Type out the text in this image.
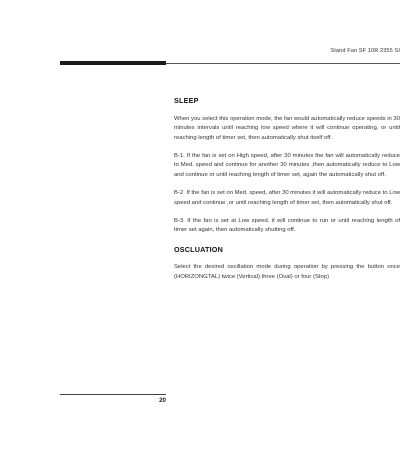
Stand Fan SF 10R 2355 SI
SLEEP

When you select this operation mode, the fan would automatically reduce speeds in 30 minutes intervals until reaching low speed where it will continue operating, or until reaching length of timer set, then automatically shut itself off.

B-1. If the fan is set on High speed, after 30 minutes the fan will automatically reduce to Med. speed and continue for another 30 minutes ,then automatically reduce to Low and continue or until reaching length of timer set, again the automatically shut off.

B-2. If the fan is set on Med. speed, after 30 minutes it will automatically reduce to Low speed and continue ,or until reaching length of timer set, then automatically shut off.

B-3. If the fan is set at Low speed, it will continue to run or until reaching length of timer set again, then automatically shutting off.

OSCLUATION

Select the desired oscillation mode during operation by pressing the button once (HORIZONGTAL) twice (Vertical) three (Oval) or four (Stop)

20
